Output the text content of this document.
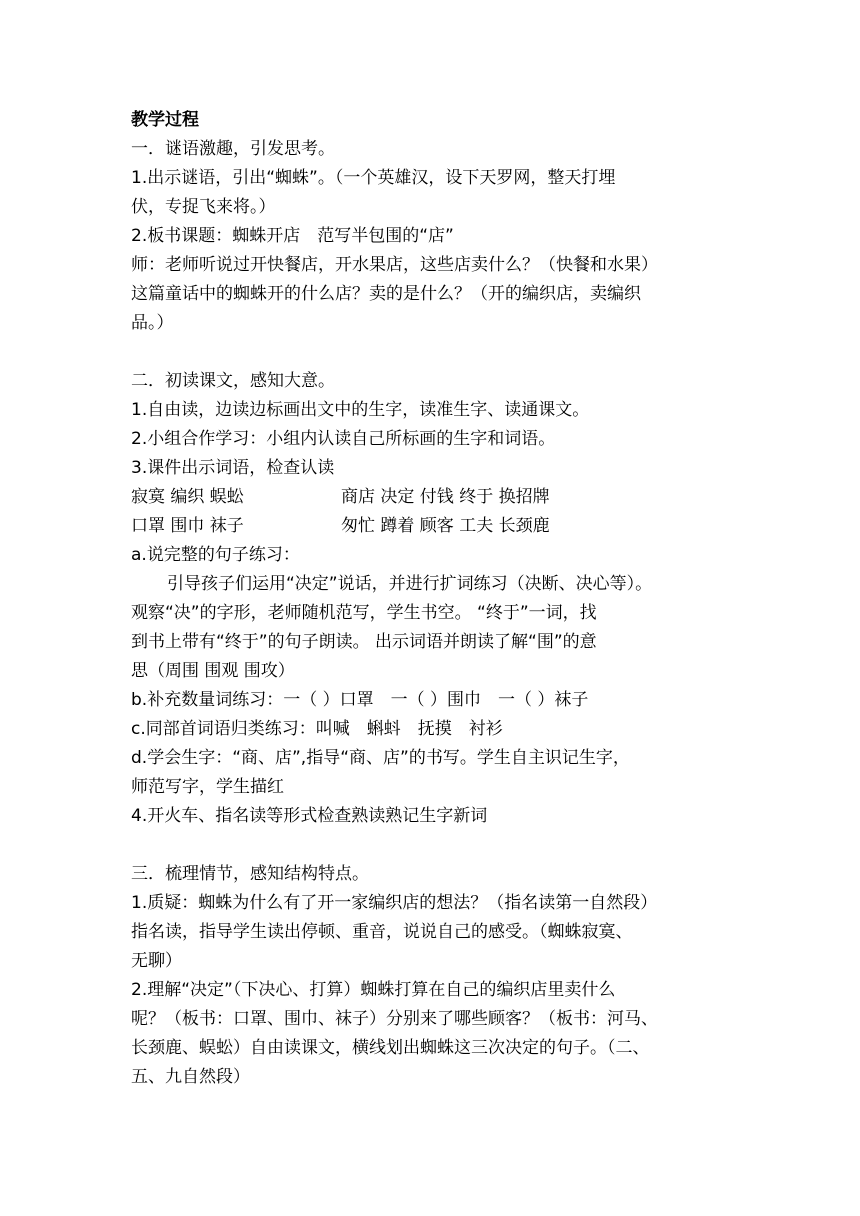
教学过程
一．谜语激趣，引发思考。
1.出示谜语，引出“蜘蛛”。（一个英雄汉，设下天罗网，整天打埋
伏，专捉飞来将。）
2.板书课题：蜘蛛开店　范写半包围的“店”
师：老师听说过开快餐店，开水果店，这些店卖什么？（快餐和水果）
这篇童话中的蜘蛛开的什么店？卖的是什么？（开的编织店，卖编织
品。）
二．初读课文，感知大意。
1.自由读，边读边标画出文中的生字，读准生字、读通课文。
2.小组合作学习：小组内认读自己所标画的生字和词语。
3.课件出示词语，检查认读
寂寞 编织 蜈蚣	商店 决定 付钱 终于 换招牌
口罩 围巾 袜子	匆忙 蹲着 顾客 工夫 长颈鹿
a.说完整的句子练习：
引导孩子们运用“决定”说话，并进行扩词练习（决断、决心等）。
观察“决”的字形，老师随机范写，学生书空。 “终于”一词，找
到书上带有“终于”的句子朗读。 出示词语并朗读了解“围”的意
思（周围 围观 围攻）
b.补充数量词练习：一（ ）口罩　一（ ）围巾　一（ ）袜子
c.同部首词语归类练习：叫喊　蝌蚪　抚摸　衬衫
d.学会生字：“商、店”,指导“商、店”的书写。学生自主识记生字，
师范写字，学生描红
4.开火车、指名读等形式检查熟读熟记生字新词
三．梳理情节，感知结构特点。
1.质疑：蜘蛛为什么有了开一家编织店的想法？（指名读第一自然段）
指名读，指导学生读出停顿、重音，说说自己的感受。（蜘蛛寂寞、
无聊）
2.理解“决定”（下决心、打算）蜘蛛打算在自己的编织店里卖什么
呢？（板书：口罩、围巾、袜子）分别来了哪些顾客？（板书：河马、
长颈鹿、蜈蚣）自由读课文，横线划出蜘蛛这三次决定的句子。（二、
五、九自然段）
